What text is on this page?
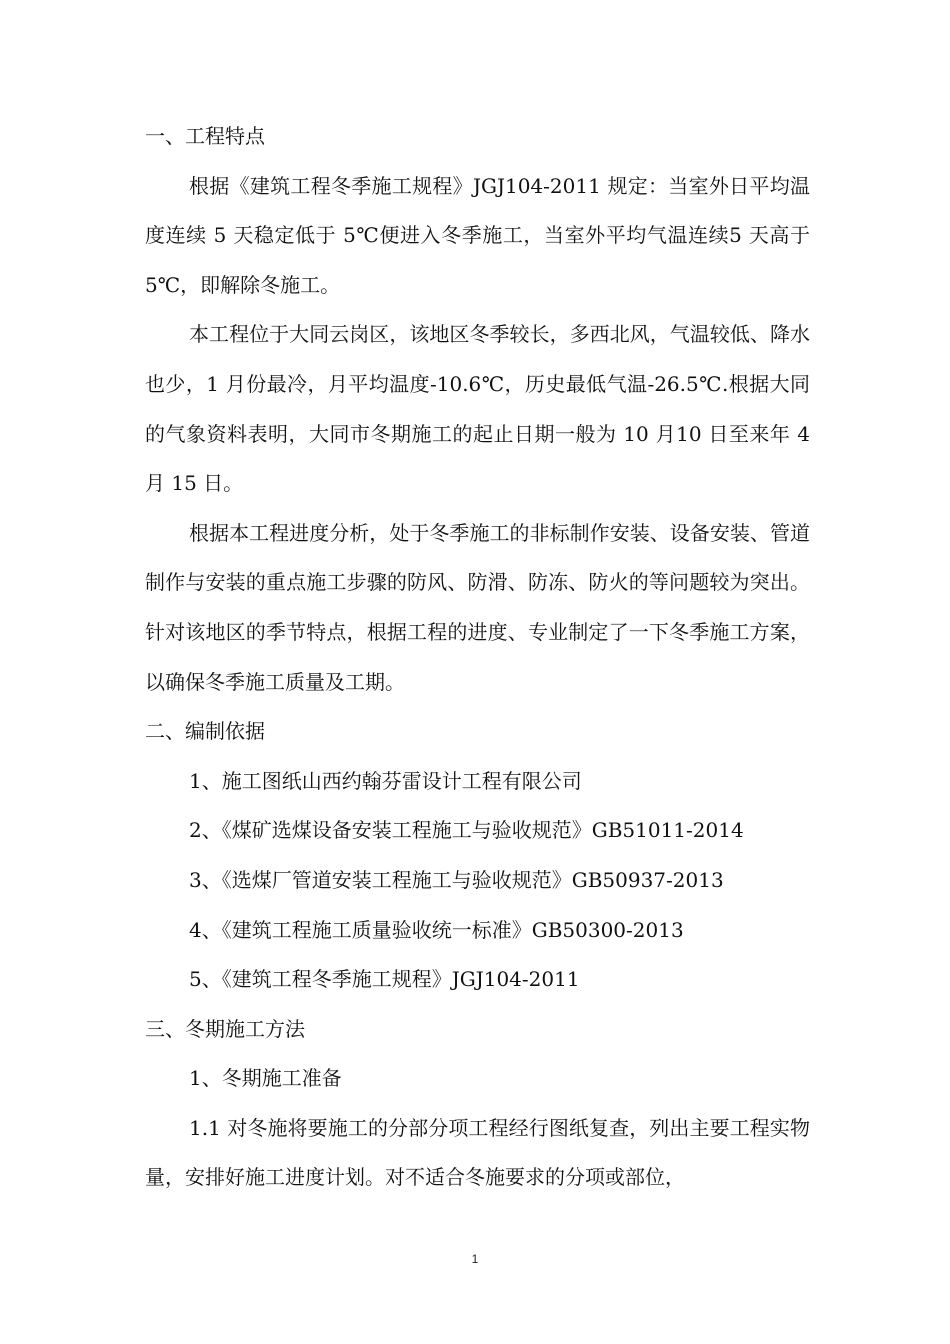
一、工程特点

根据《建筑工程冬季施工规程》JGJ104-2011 规定：当室外日平均温度连续 5 天稳定低于 5℃便进入冬季施工，当室外平均气温连续5 天高于 5℃，即解除冬施工。

本工程位于大同云岗区，该地区冬季较长，多西北风，气温较低、降水也少，1 月份最冷，月平均温度-10.6℃，历史最低气温-26.5℃.根据大同的气象资料表明，大同市冬期施工的起止日期一般为 10 月10 日至来年 4 月 15 日。

根据本工程进度分析，处于冬季施工的非标制作安装、设备安装、管道制作与安装的重点施工步骤的防风、防滑、防冻、防火的等问题较为突出。针对该地区的季节特点，根据工程的进度、专业制定了一下冬季施工方案，以确保冬季施工质量及工期。

二、编制依据

1、施工图纸山西约翰芬雷设计工程有限公司

2、《煤矿选煤设备安装工程施工与验收规范》GB51011-2014

3、《选煤厂管道安装工程施工与验收规范》GB50937-2013

4、《建筑工程施工质量验收统一标准》GB50300-2013

5、《建筑工程冬季施工规程》JGJ104-2011

三、冬期施工方法

1、冬期施工准备

1.1 对冬施将要施工的分部分项工程经行图纸复查，列出主要工程实物量，安排好施工进度计划。对不适合冬施要求的分项或部位，

1
